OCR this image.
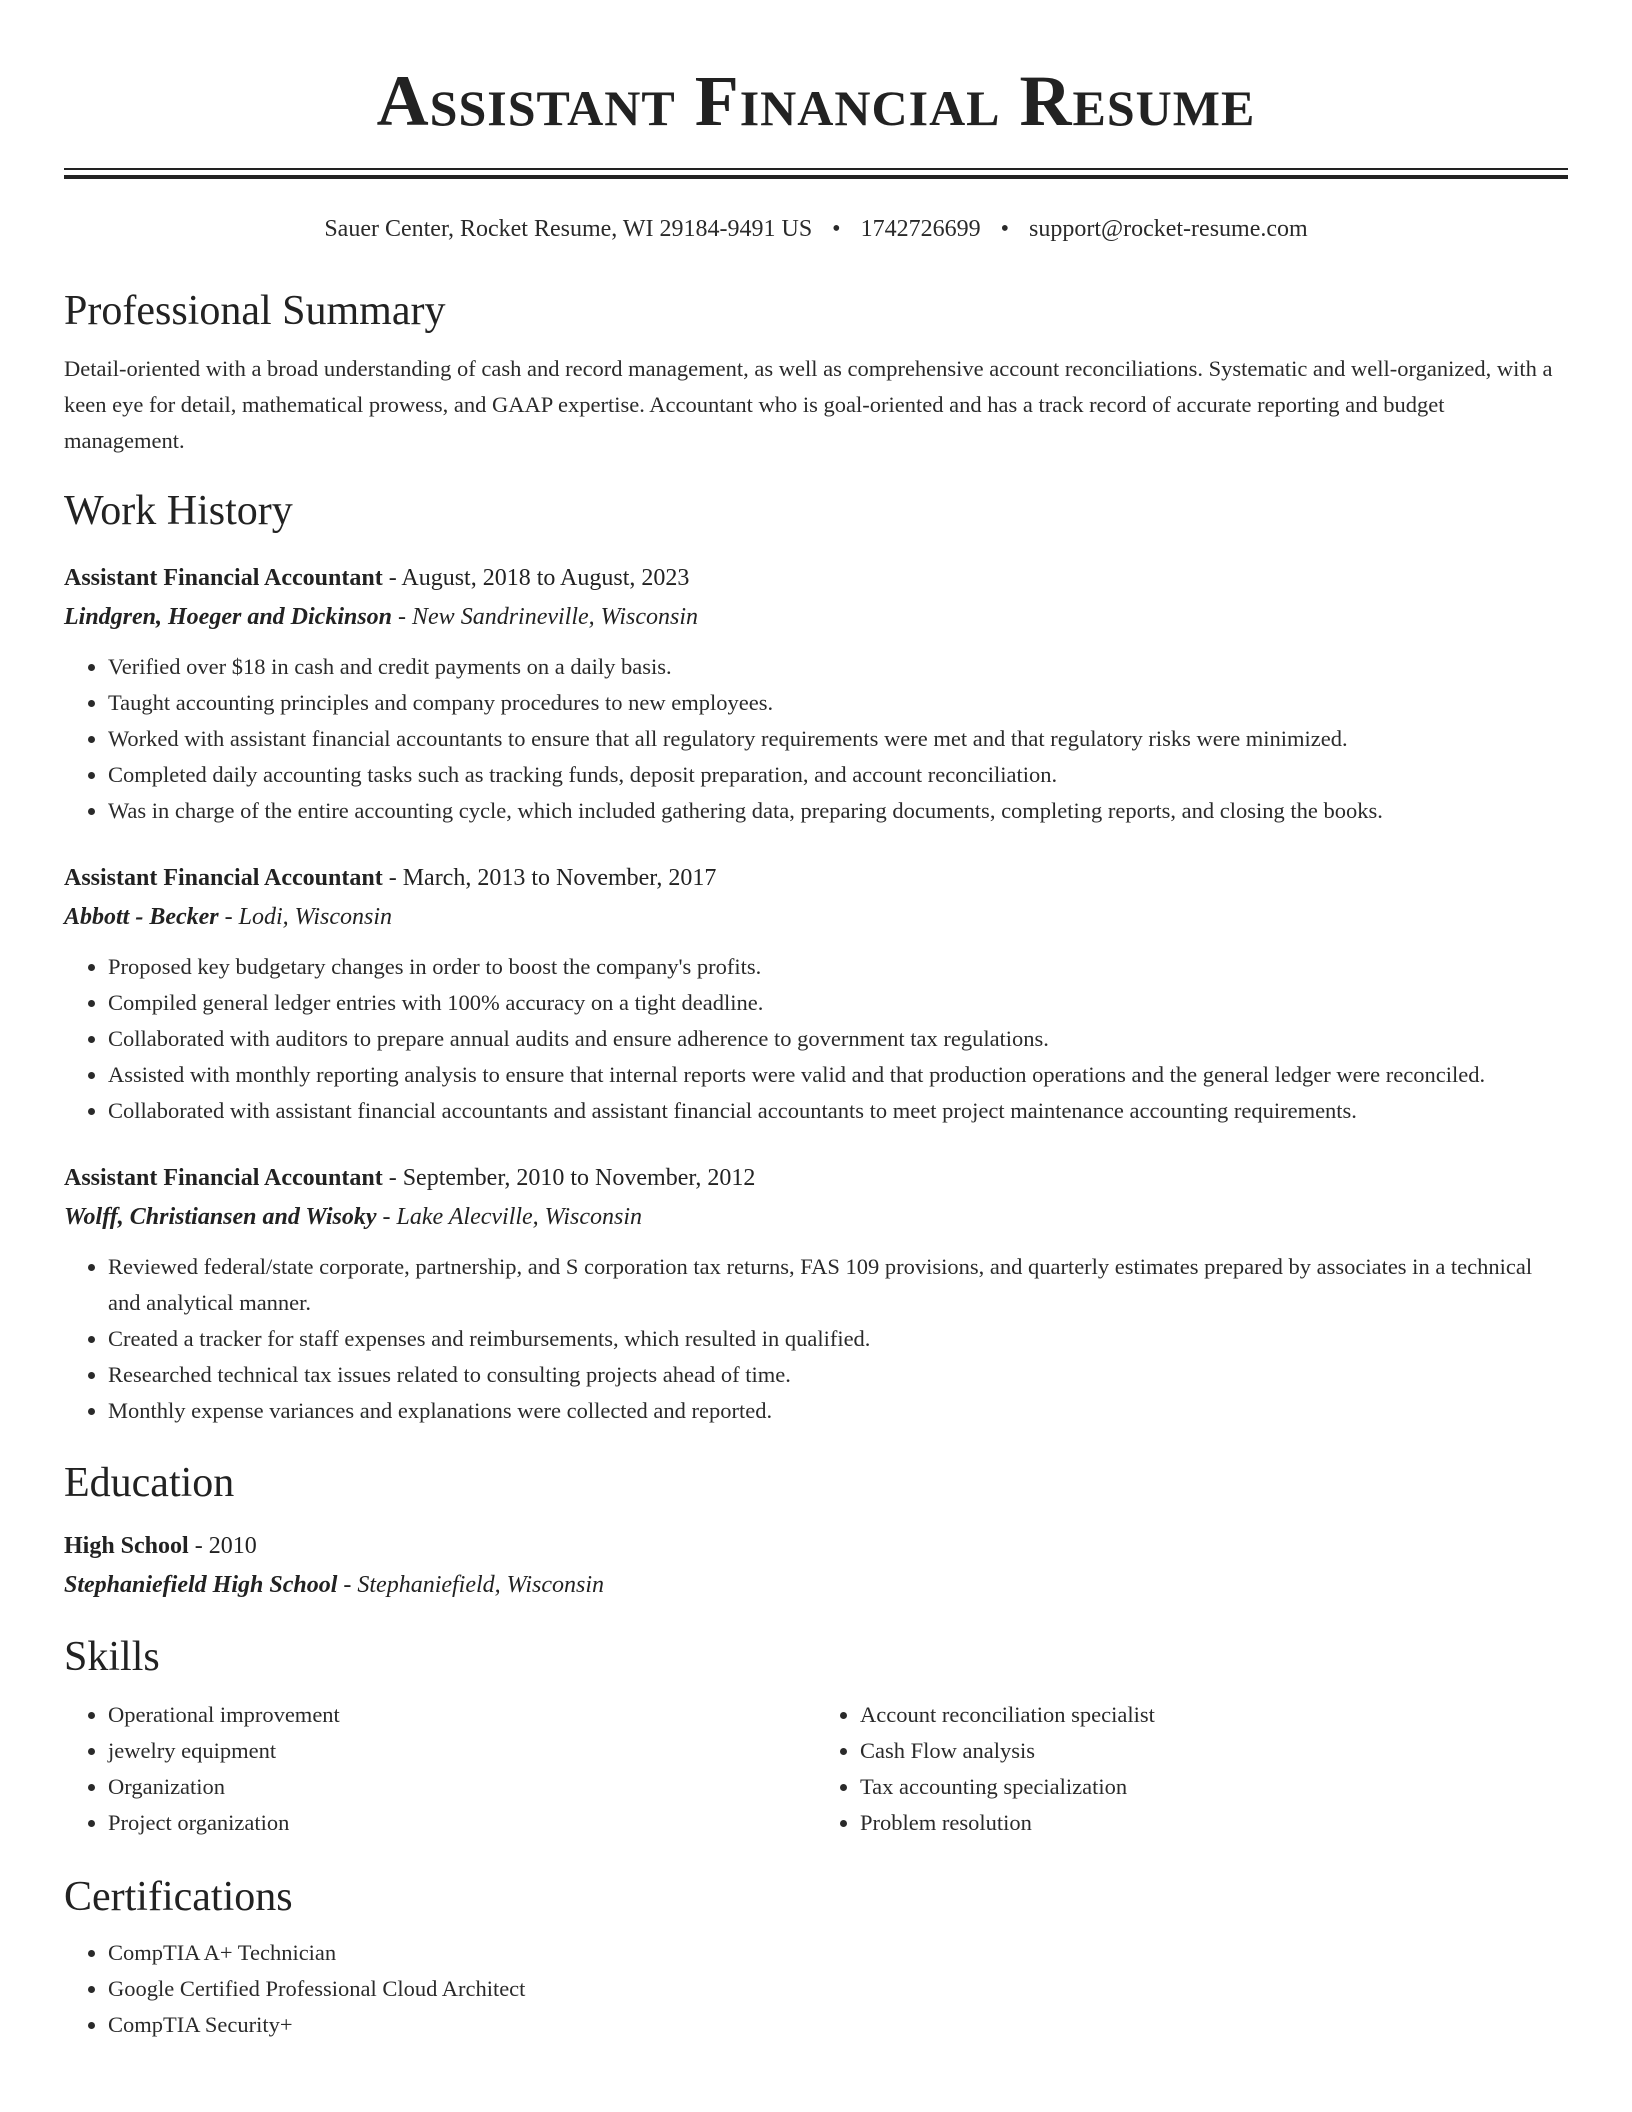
Assistant Financial Resume
Sauer Center, Rocket Resume, WI 29184-9491 US • 1742726699 • support@rocket-resume.com
Professional Summary
Detail-oriented with a broad understanding of cash and record management, as well as comprehensive account reconciliations. Systematic and well-organized, with a keen eye for detail, mathematical prowess, and GAAP expertise. Accountant who is goal-oriented and has a track record of accurate reporting and budget management.
Work History
Assistant Financial Accountant - August, 2018 to August, 2023
Lindgren, Hoeger and Dickinson - New Sandrineville, Wisconsin
• Verified over $18 in cash and credit payments on a daily basis.
• Taught accounting principles and company procedures to new employees.
• Worked with assistant financial accountants to ensure that all regulatory requirements were met and that regulatory risks were minimized.
• Completed daily accounting tasks such as tracking funds, deposit preparation, and account reconciliation.
• Was in charge of the entire accounting cycle, which included gathering data, preparing documents, completing reports, and closing the books.
Assistant Financial Accountant - March, 2013 to November, 2017
Abbott - Becker - Lodi, Wisconsin
• Proposed key budgetary changes in order to boost the company's profits.
• Compiled general ledger entries with 100% accuracy on a tight deadline.
• Collaborated with auditors to prepare annual audits and ensure adherence to government tax regulations.
• Assisted with monthly reporting analysis to ensure that internal reports were valid and that production operations and the general ledger were reconciled.
• Collaborated with assistant financial accountants and assistant financial accountants to meet project maintenance accounting requirements.
Assistant Financial Accountant - September, 2010 to November, 2012
Wolff, Christiansen and Wisoky - Lake Alecville, Wisconsin
• Reviewed federal/state corporate, partnership, and S corporation tax returns, FAS 109 provisions, and quarterly estimates prepared by associates in a technical and analytical manner.
• Created a tracker for staff expenses and reimbursements, which resulted in qualified.
• Researched technical tax issues related to consulting projects ahead of time.
• Monthly expense variances and explanations were collected and reported.
Education
High School - 2010
Stephaniefield High School - Stephaniefield, Wisconsin
Skills
• Operational improvement
• jewelry equipment
• Organization
• Project organization
• Account reconciliation specialist
• Cash Flow analysis
• Tax accounting specialization
• Problem resolution
Certifications
• CompTIA A+ Technician
• Google Certified Professional Cloud Architect
• CompTIA Security+
